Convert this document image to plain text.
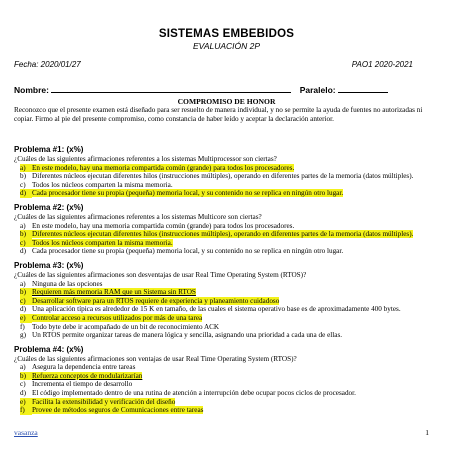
SISTEMAS EMBEBIDOS
EVALUACIÓN 2P
Fecha: 2020/01/27	PAO1 2020-2021
Nombre:	Paralelo:
COMPROMISO DE HONOR
Reconozco que el presente examen está diseñado para ser resuelto de manera individual, y no se permite la ayuda de fuentes no autorizadas ni copiar. Firmo al pie del presente compromiso, como constancia de haber leído y aceptar la declaración anterior.
Problema #1: (x%)
¿Cuáles de las siguientes afirmaciones referentes a los sistemas Multiprocessor son ciertas?
a) En este modelo, hay una memoria compartida común (grande) para todos los procesadores.
b) Diferentes núcleos ejecutan diferentes hilos (instrucciones múltiples), operando en diferentes partes de la memoria (datos múltiples).
c) Todos los núcleos comparten la misma memoria.
d) Cada procesador tiene su propia (pequeña) memoria local, y su contenido no se replica en ningún otro lugar.
Problema #2: (x%)
¿Cuáles de las siguientes afirmaciones referentes a los sistemas Multicore son ciertas?
a) En este modelo, hay una memoria compartida común (grande) para todos los procesadores.
b) Diferentes núcleos ejecutan diferentes hilos (instrucciones múltiples), operando en diferentes partes de la memoria (datos múltiples).
c) Todos los núcleos comparten la misma memoria.
d) Cada procesador tiene su propia (pequeña) memoria local, y su contenido no se replica en ningún otro lugar.
Problema #3: (x%)
¿Cuáles de las siguientes afirmaciones son desventajas de usar Real Time Operating System (RTOS)?
a) Ninguna de las opciones
b) Requieren más memoria RAM que un Sistema sin RTOS
c) Desarrollar software para un RTOS requiere de experiencia y planeamiento cuidadoso
d) Una aplicación típica es alrededor de 15 K en tamaño, de las cuales el sistema operativo base es de aproximadamente 400 bytes.
e) Controlar acceso a recursos utilizados por más de una tarea
f)	Todo byte debe ir acompañado de un bit de reconocimiento ACK
g) Un RTOS permite organizar tareas de manera lógica y sencilla, asignando una prioridad a cada una de ellas.
Problema #4: (x%)
¿Cuáles de las siguientes afirmaciones son ventajas de usar Real Time Operating System (RTOS)?
a) Asegura la dependencia entre tareas
b) Refuerza conceptos de modularizarían
c) Incrementa el tiempo de desarrollo
d) El código implementado dentro de una rutina de atención a interrupción debe ocupar pocos ciclos de procesador.
e) Facilita la extensibilidad y verificación del diseño
f)	Provee de métodos seguros de Comunicaciones entre tareas
vasanza	1
